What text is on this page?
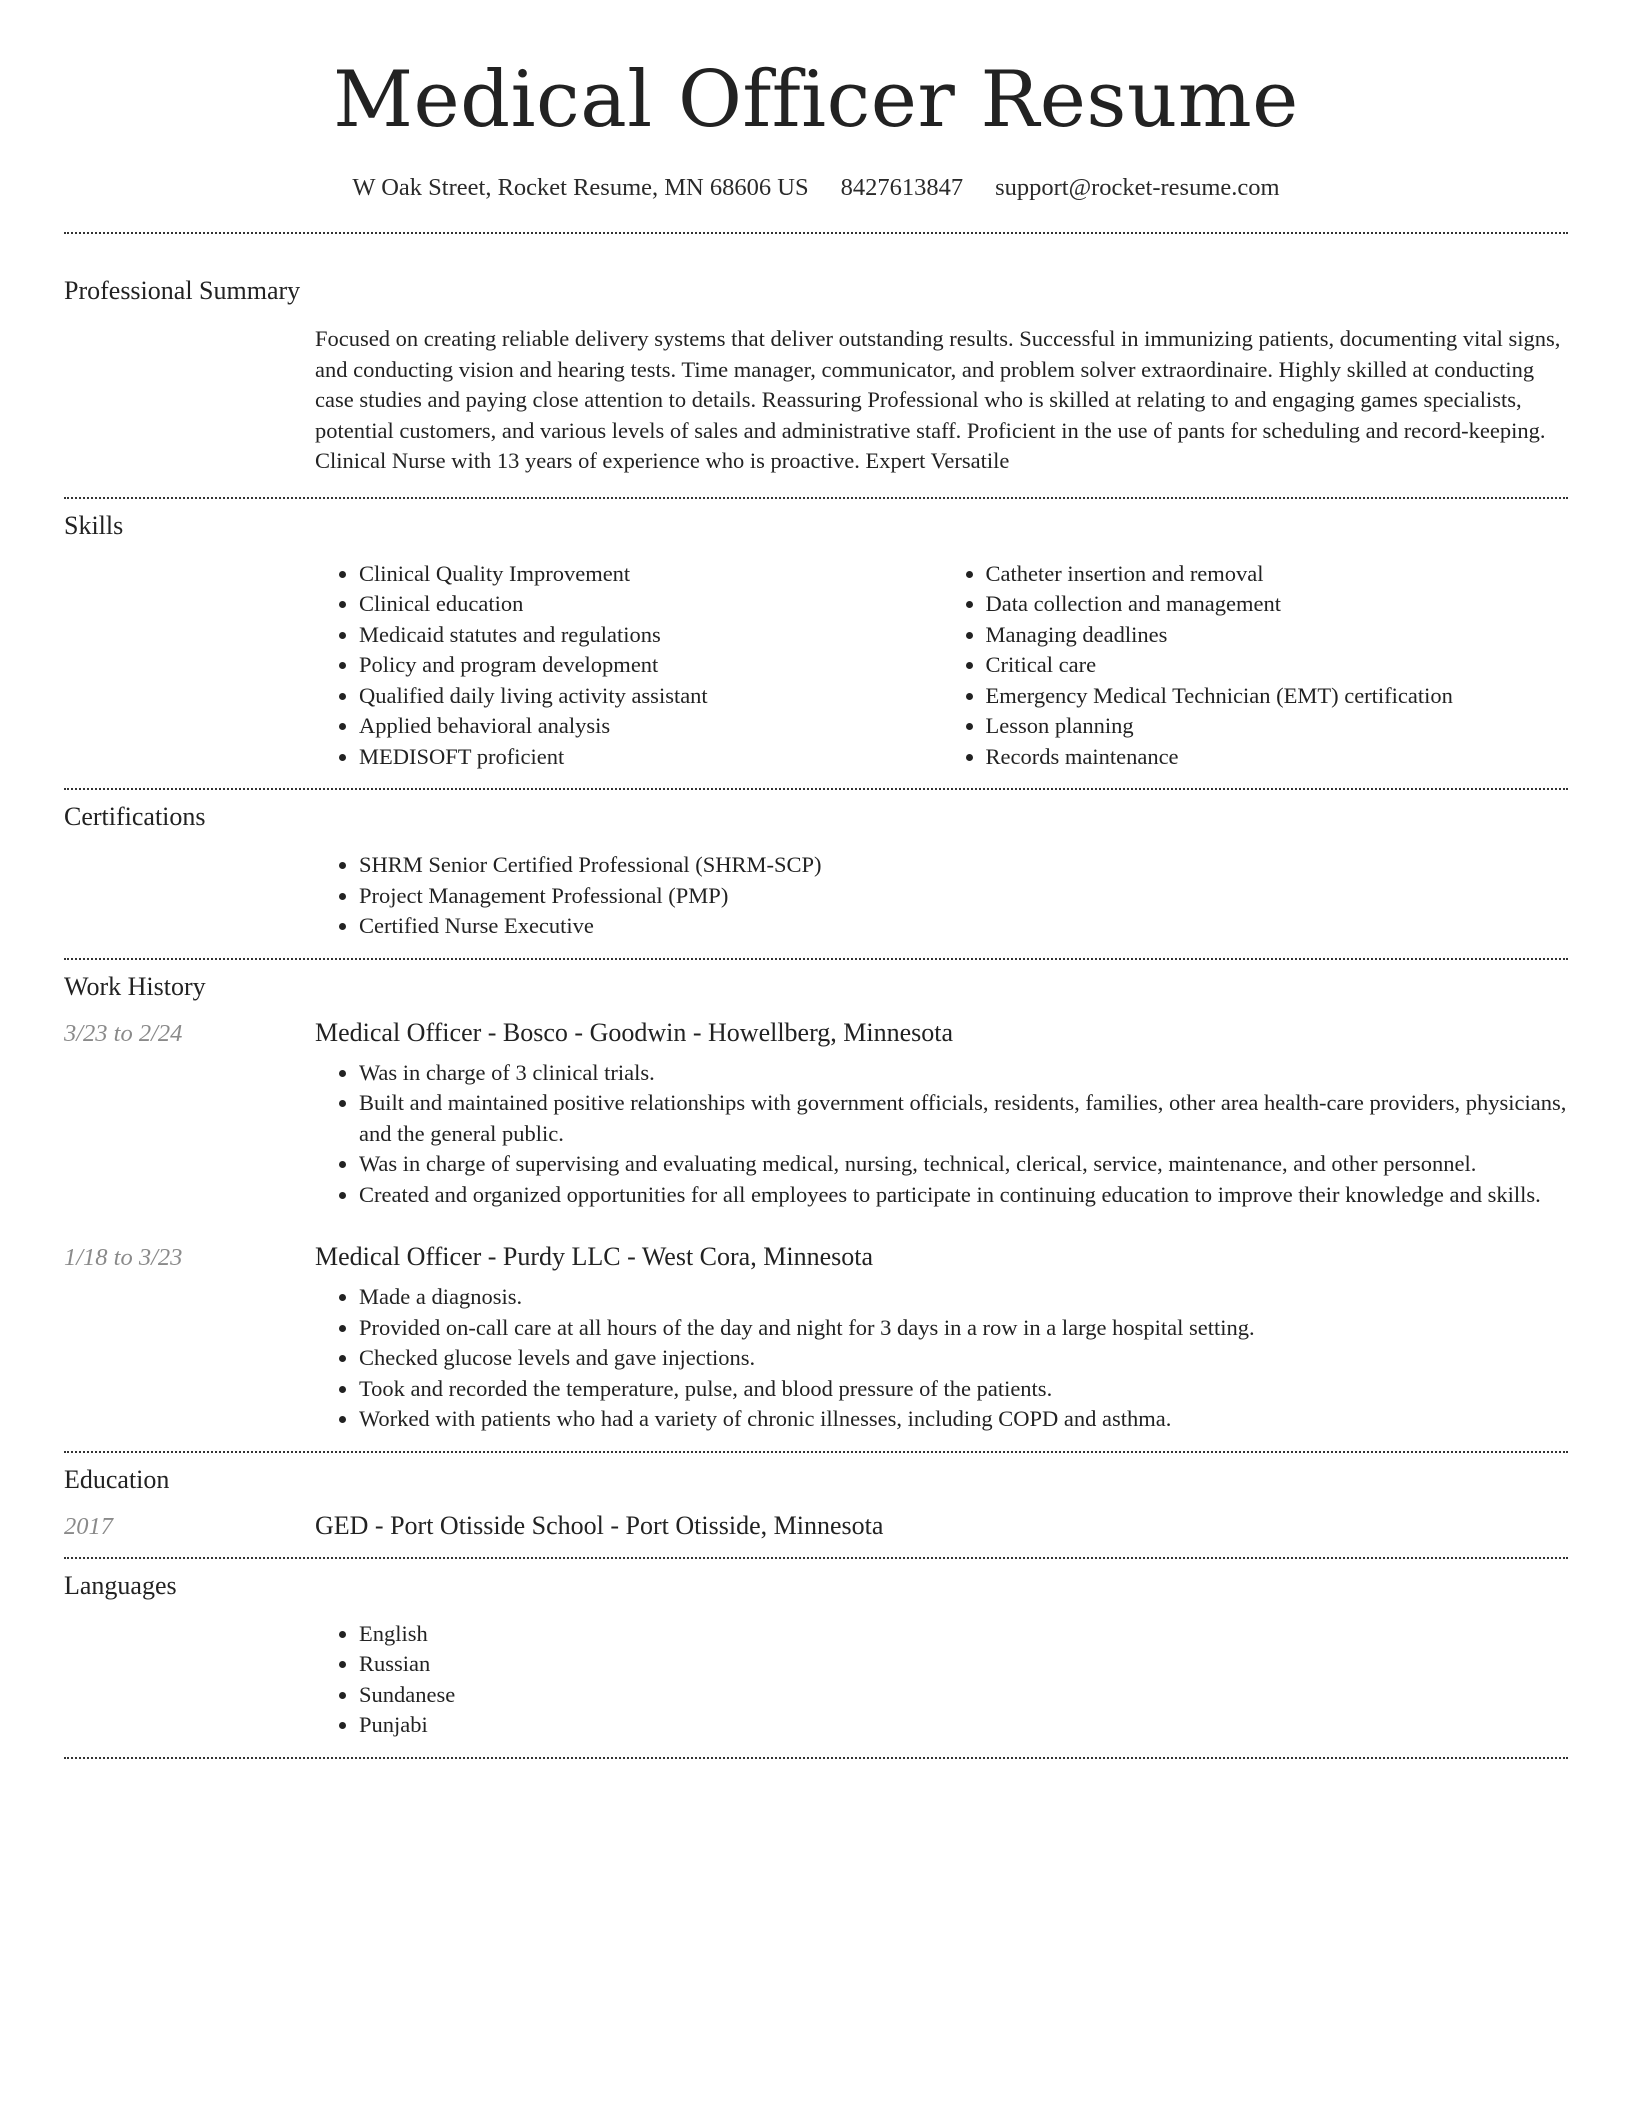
Medical Officer Resume
W Oak Street, Rocket Resume, MN 68606 US 8427613847 support@rocket-resume.com
Professional Summary
Focused on creating reliable delivery systems that deliver outstanding results. Successful in immunizing patients, documenting vital signs, and conducting vision and hearing tests. Time manager, communicator, and problem solver extraordinaire. Highly skilled at conducting case studies and paying close attention to details. Reassuring Professional who is skilled at relating to and engaging games specialists, potential customers, and various levels of sales and administrative staff. Proficient in the use of pants for scheduling and record-keeping. Clinical Nurse with 13 years of experience who is proactive. Expert Versatile
Skills
• Clinical Quality Improvement
• Clinical education
• Medicaid statutes and regulations
• Policy and program development
• Qualified daily living activity assistant
• Applied behavioral analysis
• MEDISOFT proficient
• Catheter insertion and removal
• Data collection and management
• Managing deadlines
• Critical care
• Emergency Medical Technician (EMT) certification
• Lesson planning
• Records maintenance
Certifications
• SHRM Senior Certified Professional (SHRM-SCP)
• Project Management Professional (PMP)
• Certified Nurse Executive
Work History
3/23 to 2/24	Medical Officer - Bosco - Goodwin - Howellberg, Minnesota
• Was in charge of 3 clinical trials.
• Built and maintained positive relationships with government officials, residents, families, other area health-care providers, physicians, and the general public.
• Was in charge of supervising and evaluating medical, nursing, technical, clerical, service, maintenance, and other personnel.
• Created and organized opportunities for all employees to participate in continuing education to improve their knowledge and skills.
1/18 to 3/23	Medical Officer - Purdy LLC - West Cora, Minnesota
• Made a diagnosis.
• Provided on-call care at all hours of the day and night for 3 days in a row in a large hospital setting.
• Checked glucose levels and gave injections.
• Took and recorded the temperature, pulse, and blood pressure of the patients.
• Worked with patients who had a variety of chronic illnesses, including COPD and asthma.
Education
2017	GED - Port Otisside School - Port Otisside, Minnesota
Languages
• English
• Russian
• Sundanese
• Punjabi
